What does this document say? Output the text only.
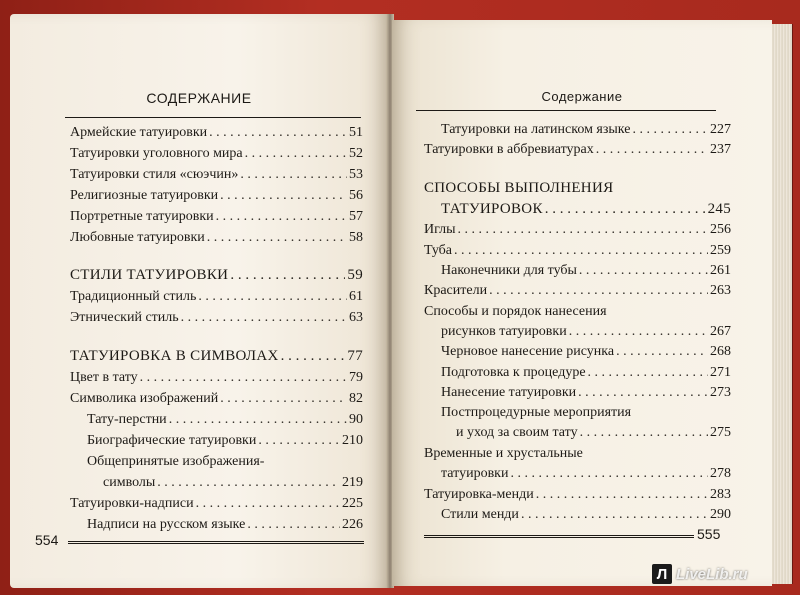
СОДЕРЖАНИЕ
Армейские татуировки . . .	51
Татуировки уголовного мира . . .	52
Татуировки стиля «сюэчин» . . .	53
Религиозные татуировки . . .	56
Портретные татуировки . . .	57
Любовные татуировки . . .	58
СТИЛИ ТАТУИРОВКИ . . .	59
Традиционный стиль . . .	61
Этнический стиль . . .	63
ТАТУИРОВКА В СИМВОЛАХ . . .	77
Цвет в тату . . .	79
Символика изображений . . .	82
Тату-перстни . . .	90
Биографические татуировки . . .	210
Общепринятые изображения-
символы . . .	219
Татуировки-надписи . . .	225
Надписи на русском языке . . .	226
554
Содержание
Татуировки на латинском языке . . .	227
Татуировки в аббревиатурах . . .	237
СПОСОБЫ ВЫПОЛНЕНИЯ
ТАТУИРОВОК . . .	245
Иглы . . .	256
Туба . . .	259
Наконечники для тубы . . .	261
Красители . . .	263
Способы и порядок нанесения
рисунков татуировки . . .	267
Черновое нанесение рисунка . . .	268
Подготовка к процедуре . . .	271
Нанесение татуировки . . .	273
Постпроцедурные мероприятия
и уход за своим тату . . .	275
Временные и хрустальные
татуировки . . .	278
Татуировка-менди . . .	283
Стили менди . . .	290
555
Л LiveLib.ru
